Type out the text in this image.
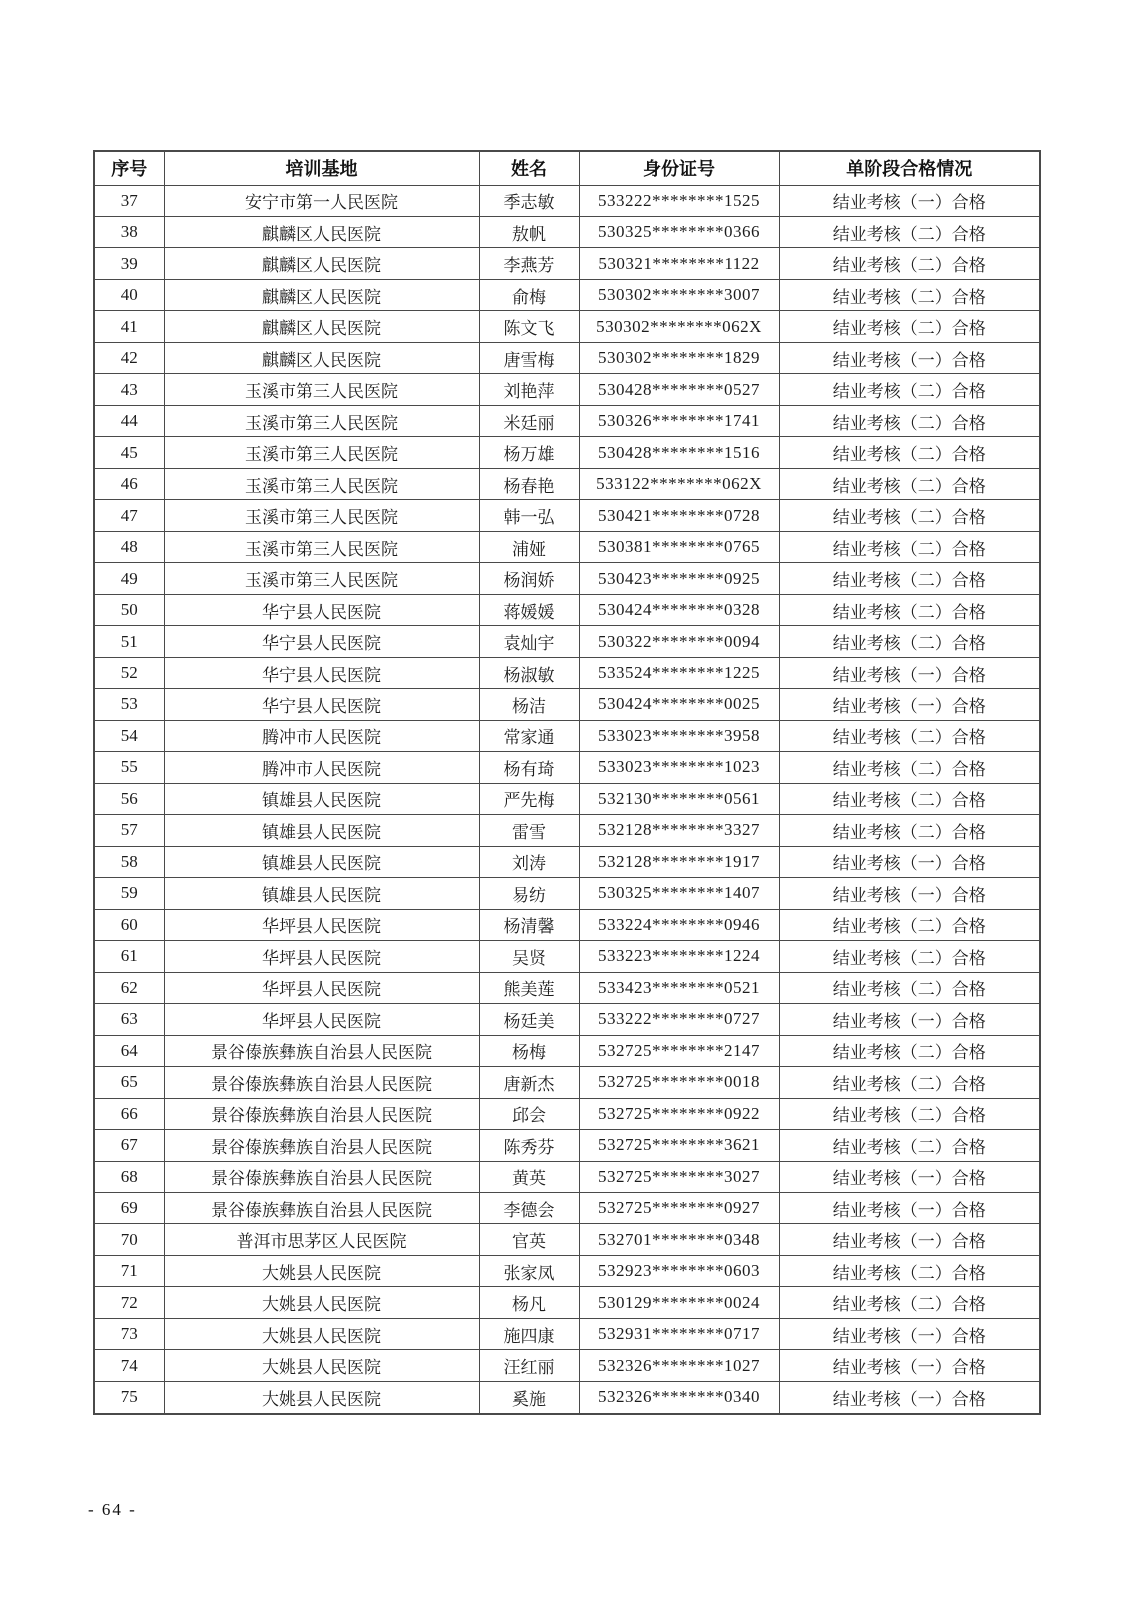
序号	培训基地	姓名	身份证号	单阶段合格情况
37	安宁市第一人民医院	季志敏	533222********1525	结业考核（一）合格
38	麒麟区人民医院	敖帆	530325********0366	结业考核（二）合格
39	麒麟区人民医院	李燕芳	530321********1122	结业考核（二）合格
40	麒麟区人民医院	俞梅	530302********3007	结业考核（二）合格
41	麒麟区人民医院	陈文飞	530302********062X	结业考核（二）合格
42	麒麟区人民医院	唐雪梅	530302********1829	结业考核（一）合格
43	玉溪市第三人民医院	刘艳萍	530428********0527	结业考核（二）合格
44	玉溪市第三人民医院	米廷丽	530326********1741	结业考核（二）合格
45	玉溪市第三人民医院	杨万雄	530428********1516	结业考核（二）合格
46	玉溪市第三人民医院	杨春艳	533122********062X	结业考核（二）合格
47	玉溪市第三人民医院	韩一弘	530421********0728	结业考核（二）合格
48	玉溪市第三人民医院	浦娅	530381********0765	结业考核（二）合格
49	玉溪市第三人民医院	杨润娇	530423********0925	结业考核（二）合格
50	华宁县人民医院	蒋媛媛	530424********0328	结业考核（二）合格
51	华宁县人民医院	袁灿宇	530322********0094	结业考核（二）合格
52	华宁县人民医院	杨淑敏	533524********1225	结业考核（一）合格
53	华宁县人民医院	杨洁	530424********0025	结业考核（一）合格
54	腾冲市人民医院	常家通	533023********3958	结业考核（二）合格
55	腾冲市人民医院	杨有琦	533023********1023	结业考核（二）合格
56	镇雄县人民医院	严先梅	532130********0561	结业考核（二）合格
57	镇雄县人民医院	雷雪	532128********3327	结业考核（二）合格
58	镇雄县人民医院	刘涛	532128********1917	结业考核（一）合格
59	镇雄县人民医院	易纺	530325********1407	结业考核（一）合格
60	华坪县人民医院	杨清馨	533224********0946	结业考核（二）合格
61	华坪县人民医院	吴贤	533223********1224	结业考核（二）合格
62	华坪县人民医院	熊美莲	533423********0521	结业考核（二）合格
63	华坪县人民医院	杨廷美	533222********0727	结业考核（一）合格
64	景谷傣族彝族自治县人民医院	杨梅	532725********2147	结业考核（二）合格
65	景谷傣族彝族自治县人民医院	唐新杰	532725********0018	结业考核（二）合格
66	景谷傣族彝族自治县人民医院	邱会	532725********0922	结业考核（二）合格
67	景谷傣族彝族自治县人民医院	陈秀芬	532725********3621	结业考核（二）合格
68	景谷傣族彝族自治县人民医院	黄英	532725********3027	结业考核（一）合格
69	景谷傣族彝族自治县人民医院	李德会	532725********0927	结业考核（一）合格
70	普洱市思茅区人民医院	官英	532701********0348	结业考核（一）合格
71	大姚县人民医院	张家凤	532923********0603	结业考核（二）合格
72	大姚县人民医院	杨凡	530129********0024	结业考核（二）合格
73	大姚县人民医院	施四康	532931********0717	结业考核（一）合格
74	大姚县人民医院	汪红丽	532326********1027	结业考核（一）合格
75	大姚县人民医院	奚施	532326********0340	结业考核（一）合格
- 64 -
